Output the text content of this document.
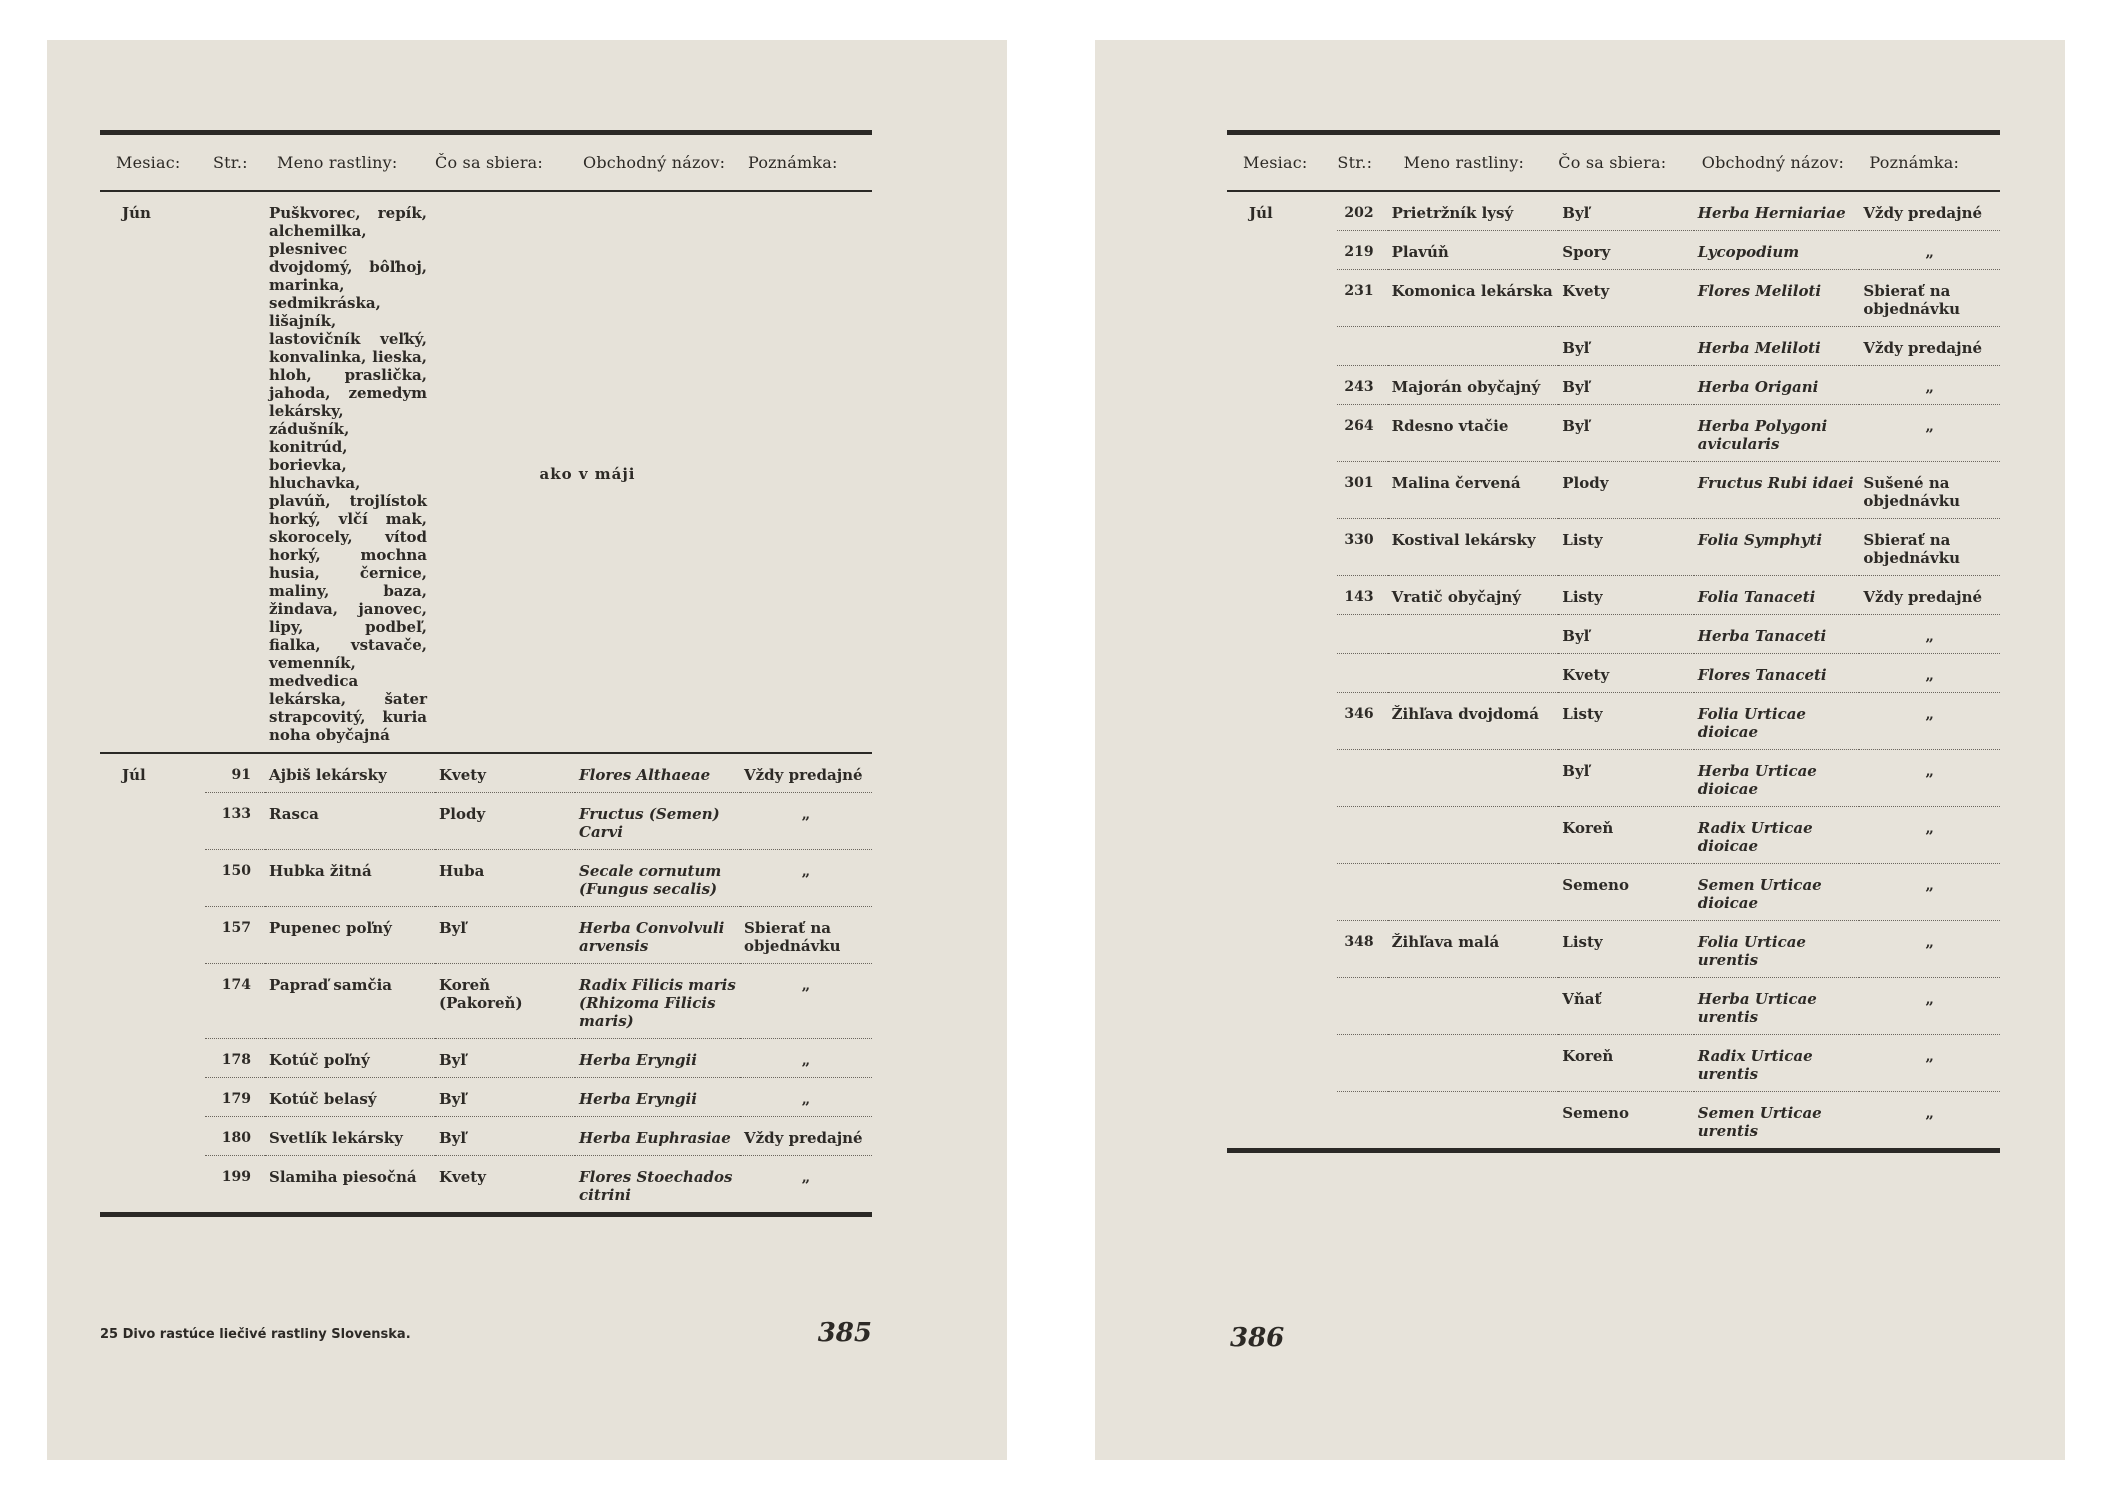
Mesiac:	Str.:	Meno rastliny:	Čo sa sbiera:	Obchodný názov:	Poznámka:
Jún		Puškvorec, repík, alchemilka, plesnivec dvojdomý, bôľhoj, marinka, sedmikráska, lišajník, lastovičník veľký, konvalinka, lieska, hloh, praslička, jahoda, zemedym lekársky, zádušník, konitrúd, borievka, hluchavka, plavúň, trojlístok horký, vlčí mak, skorocely, vítod horký, mochna husia, černice, maliny, baza, žindava, janovec, lipy, podbeľ, fialka, vstavače, vemenník, medvedica lekárska, šater strapcovitý, kuria noha obyčajná	ako v máji		
Júl	91	Ajbiš lekársky	Kvety	Flores Althaeae	Vždy predajné
	133	Rasca	Plody	Fructus (Semen) Carvi	„
	150	Hubka žitná	Huba	Secale cornutum (Fungus secalis)	„
	157	Pupenec poľný	Byľ	Herba Convolvuli arvensis	Sbierať na objednávku
	174	Papraď samčia	Koreň (Pakoreň)	Radix Filicis maris (Rhizoma Filicis maris)	„
	178	Kotúč poľný	Byľ	Herba Eryngii	„
	179	Kotúč belasý	Byľ	Herba Eryngii	„
	180	Svetlík lekársky	Byľ	Herba Euphrasiae	Vždy predajné
	199	Slamiha piesočná	Kvety	Flores Stoechados citrini	„
25 Divo rastúce liečivé rastliny Slovenska.	385
Mesiac:	Str.:	Meno rastliny:	Čo sa sbiera:	Obchodný názov:	Poznámka:
Júl	202	Prietržník lysý	Byľ	Herba Herniariae	Vždy predajné
	219	Plavúň	Spory	Lycopodium	„
	231	Komonica lekárska	Kvety	Flores Meliloti	Sbierať na objednávku
			Byľ	Herba Meliloti	Vždy predajné
	243	Majorán obyčajný	Byľ	Herba Origani	„
	264	Rdesno vtačie	Byľ	Herba Polygoni avicularis	„
	301	Malina červená	Plody	Fructus Rubi idaei	Sušené na objednávku
	330	Kostival lekársky	Listy	Folia Symphyti	Sbierať na objednávku
	143	Vratič obyčajný	Listy	Folia Tanaceti	Vždy predajné
			Byľ	Herba Tanaceti	„
			Kvety	Flores Tanaceti	„
	346	Žihľava dvojdomá	Listy	Folia Urticae dioicae	„
			Byľ	Herba Urticae dioicae	„
			Koreň	Radix Urticae dioicae	„
			Semeno	Semen Urticae dioicae	„
	348	Žihľava malá	Listy	Folia Urticae urentis	„
			Vňať	Herba Urticae urentis	„
			Koreň	Radix Urticae urentis	„
			Semeno	Semen Urticae urentis	„
386
